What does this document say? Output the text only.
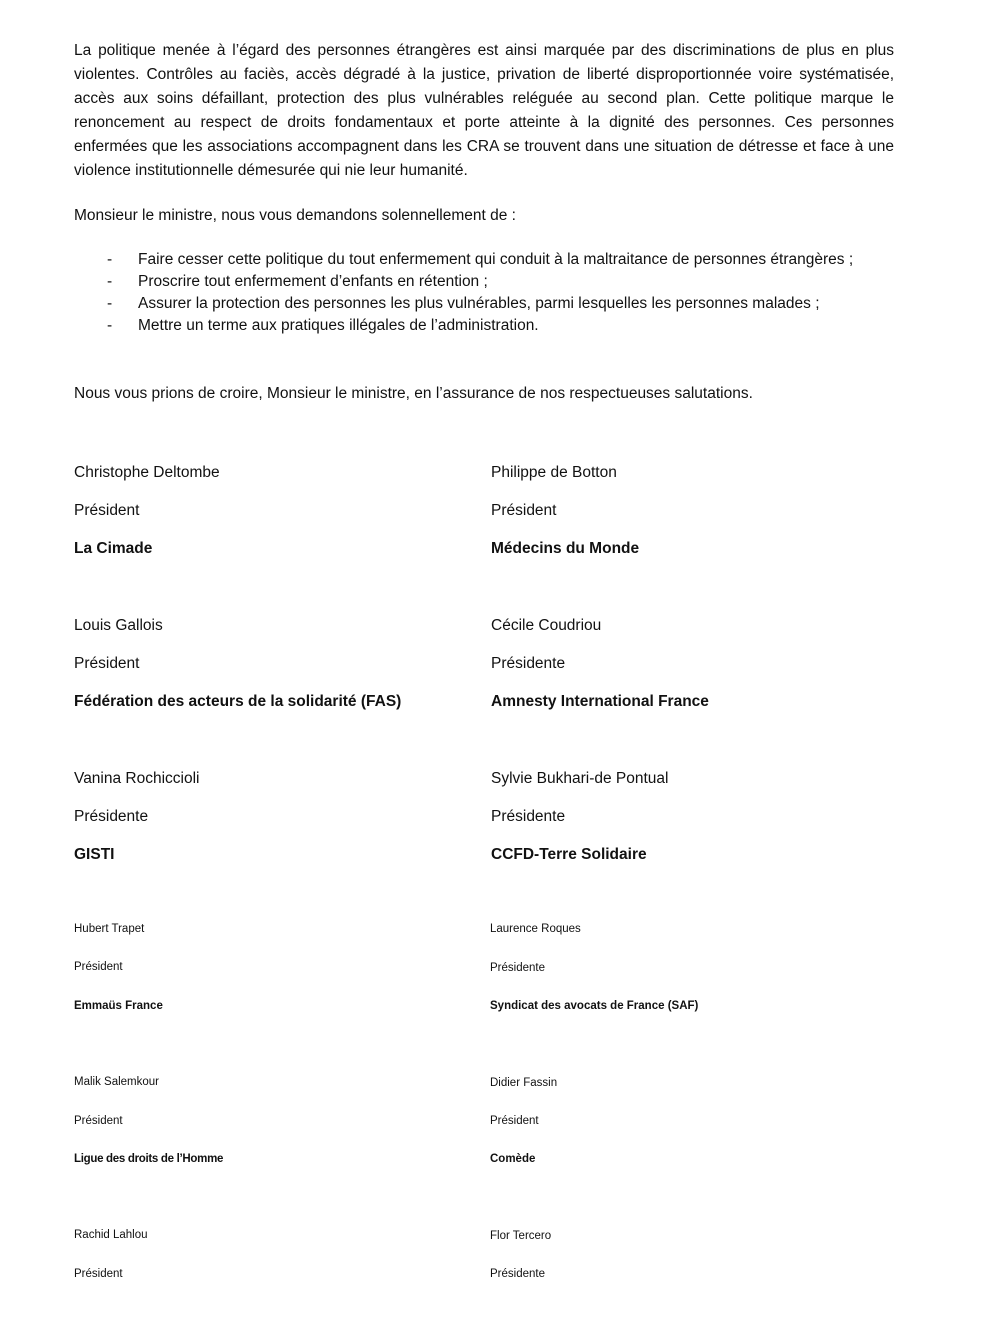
La politique menée à l’égard des personnes étrangères est ainsi marquée par des discriminations de plus en plus violentes. Contrôles au faciès, accès dégradé à la justice, privation de liberté disproportionnée voire systématisée, accès aux soins défaillant, protection des plus vulnérables reléguée au second plan. Cette politique marque le renoncement au respect de droits fondamentaux et porte atteinte à la dignité des personnes. Ces personnes enfermées que les associations accompagnent dans les CRA se trouvent dans une situation de détresse et face à une violence institutionnelle démesurée qui nie leur humanité.

Monsieur le ministre, nous vous demandons solennellement de :

- Faire cesser cette politique du tout enfermement qui conduit à la maltraitance de personnes étrangères ;
- Proscrire tout enfermement d’enfants en rétention ;
- Assurer la protection des personnes les plus vulnérables, parmi lesquelles les personnes malades ;
- Mettre un terme aux pratiques illégales de l’administration.

Nous vous prions de croire, Monsieur le ministre, en l’assurance de nos respectueuses salutations.

Christophe Deltombe
Président
La Cimade
Philippe de Botton
Président
Médecins du Monde
Louis Gallois
Président
Fédération des acteurs de la solidarité (FAS)
Cécile Coudriou
Présidente
Amnesty International France
Vanina Rochiccioli
Présidente
GISTI
Sylvie Bukhari-de Pontual
Présidente
CCFD-Terre Solidaire
Hubert Trapet
Président
Emmaüs France
Laurence Roques
Présidente
Syndicat des avocats de France (SAF)
Malik Salemkour
Président
Ligue des droits de l’Homme
Didier Fassin
Président
Comède
Rachid Lahlou
Président
Flor Tercero
Présidente
